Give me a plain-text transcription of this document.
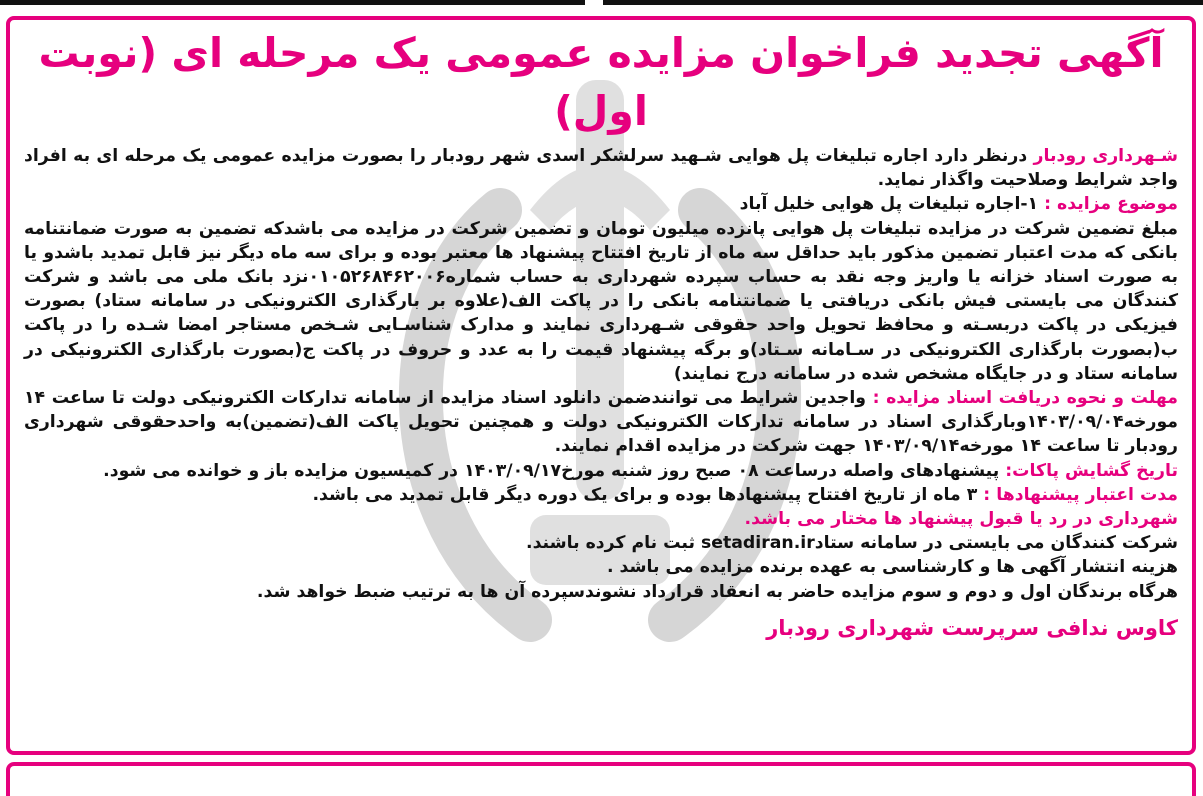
آگهی تجدید فراخوان مزایده عمومی یک مرحله ای (نوبت اول)

شـهرداری رودبار درنظر دارد اجاره تبلیغات پل هوایی شـهید سرلشکر اسدی شهر رودبار را بصورت مزایده عمومی یک مرحله ای به افراد واجد شرایط وصلاحیت واگذار نماید.

موضوع مزایده : ۱-اجاره تبلیغات پل هوایی خلیل آباد

مبلغ تضمین شرکت در مزایده تبلیغات پل هوایی پانزده میلیون تومان و تضمین شرکت در مزایده می باشدکه تضمین به صورت ضمانتنامه بانکی که مدت اعتبار تضمین مذکور باید حداقل سه ماه از تاریخ افتتاح پیشنهاد ها معتبر بوده و برای سه ماه دیگر نیز قابل تمدید باشدو یا به صورت اسناد خزانه یا واریز وجه نقد به حساب سپرده شهرداری به حساب شماره۰۱۰۵۲۶۸۴۶۲۰۰۶نزد بانک ملی می باشد و شرکت کنندگان می بایستی فیش بانکی دریافتی یا ضمانتنامه بانکی را در پاکت الف(علاوه بر بارگذاری الکترونیکی در سامانه ستاد) بصورت فیزیکی در پاکت دربسـته و محافظ تحویل واحد حقوقی شـهرداری نمایند و مدارک شناسـایی شـخص مستاجر امضا شـده را در پاکت ب(بصورت بارگذاری الکترونیکی در سـامانه سـتاد)و برگه پیشنهاد قیمت را به عدد و حروف در پاکت ج(بصورت بارگذاری الکترونیکی در سامانه ستاد و در جایگاه مشخص شده در سامانه درج نمایند)

مهلت و نحوه دریافت اسناد مزایده : واجدین شرایط می توانندضمن دانلود اسناد مزایده از سامانه تدارکات الکترونیکی دولت تا ساعت ۱۴ مورخه۱۴۰۳/۰۹/۰۴وبارگذاری اسناد در سامانه تدارکات الکترونیکی دولت و همچنین تحویل پاکت الف(تضمین)به واحدحقوقی شهرداری رودبار تا ساعت ۱۴ مورخه۱۴۰۳/۰۹/۱۴ جهت شرکت در مزایده اقدام نمایند.

تاریخ گشایش پاکات: پیشنهادهای واصله درساعت ۰۸ صبح روز شنبه مورخ۱۴۰۳/۰۹/۱۷ در کمیسیون مزایده باز و خوانده می شود.

مدت اعتبار پیشنهادها : ۳ ماه از تاریخ افتتاح پیشنهادها بوده و برای یک دوره دیگر قابل تمدید می باشد.

شهرداری در رد یا قبول پیشنهاد ها مختار می باشد.

شرکت کنندگان می بایستی در سامانه ستادsetadiran.ir ثبت نام کرده باشند.

هزینه انتشار آگهی ها و کارشناسی به عهده برنده مزایده می باشد .

هرگاه برندگان اول و دوم و سوم مزایده حاضر به انعقاد قرارداد نشوندسپرده آن ها به ترتیب ضبط خواهد شد.

کاوس ندافی سرپرست شهرداری رودبار
